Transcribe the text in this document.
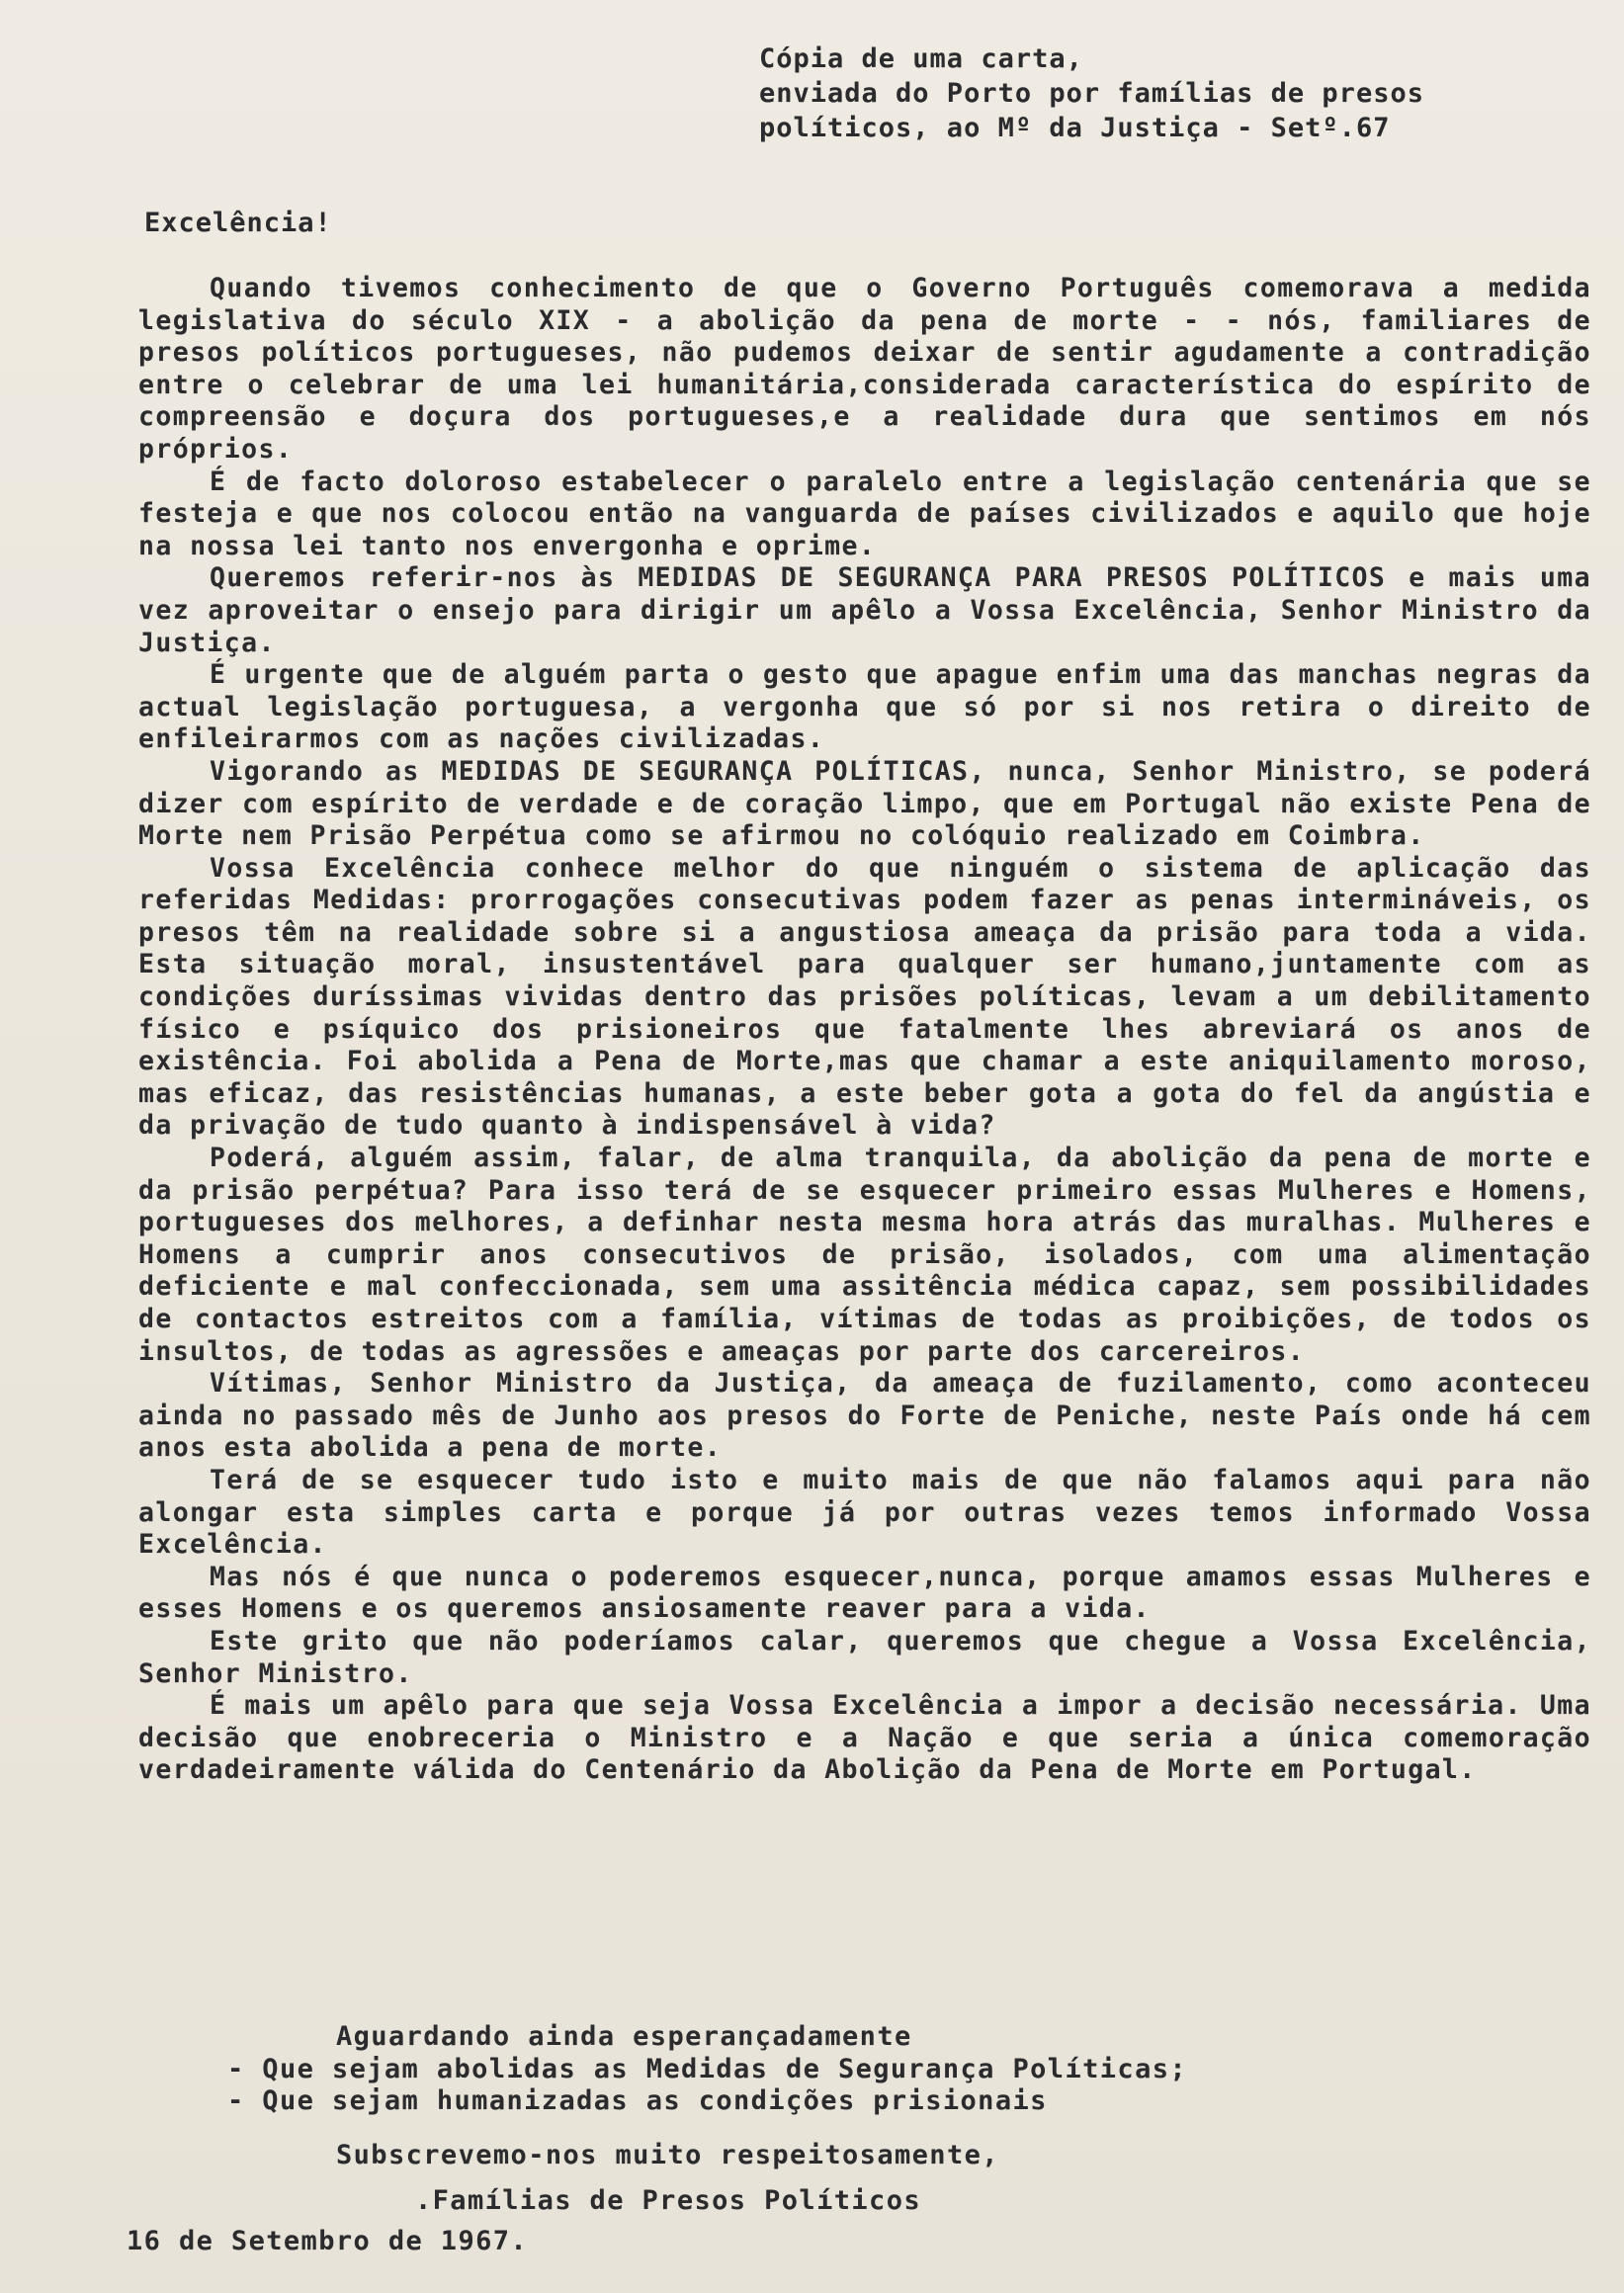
Cópia de uma carta,
enviada do Porto por famílias de presos
políticos, ao Mº da Justiça - Setº.67
Excelência!

Quando tivemos conhecimento de que o Governo Português comemorava a medida legislativa do século XIX - a abolição da pena de morte - - nós, familiares de presos políticos portugueses, não pudemos deixar de sentir agudamente a contradição entre o celebrar de uma lei humanitária,considerada característica do espírito de compreensão e doçura dos portugueses,e a realidade dura que sentimos em nós próprios.

É de facto doloroso estabelecer o paralelo entre a legislação centenária que se festeja e que nos colocou então na vanguarda de países civilizados e aquilo que hoje na nossa lei tanto nos envergonha e oprime.

Queremos referir-nos às MEDIDAS DE SEGURANÇA PARA PRESOS POLÍTICOS e mais uma vez aproveitar o ensejo para dirigir um apêlo a Vossa Excelência, Senhor Ministro da Justiça.

É urgente que de alguém parta o gesto que apague enfim uma das manchas negras da actual legislação portuguesa, a vergonha que só por si nos retira o direito de enfileirarmos com as nações civilizadas.

Vigorando as MEDIDAS DE SEGURANÇA POLÍTICAS, nunca, Senhor Ministro, se poderá dizer com espírito de verdade e de coração limpo, que em Portugal não existe Pena de Morte nem Prisão Perpétua como se afirmou no colóquio realizado em Coimbra.

Vossa Excelência conhece melhor do que ninguém o sistema de aplicação das referidas Medidas: prorrogações consecutivas podem fazer as penas intermináveis, os presos têm na realidade sobre si a angustiosa ameaça da prisão para toda a vida. Esta situação moral, insustentável para qualquer ser humano,juntamente com as condições duríssimas vividas dentro das prisões políticas, levam a um debilitamento físico e psíquico dos prisioneiros que fatalmente lhes abreviará os anos de existência. Foi abolida a Pena de Morte,mas que chamar a este aniquilamento moroso, mas eficaz, das resistências humanas, a este beber gota a gota do fel da angústia e da privação de tudo quanto à indispensável à vida?

Poderá, alguém assim, falar, de alma tranquila, da abolição da pena de morte e da prisão perpétua? Para isso terá de se esquecer primeiro essas Mulheres e Homens, portugueses dos melhores, a definhar nesta mesma hora atrás das muralhas. Mulheres e Homens a cumprir anos consecutivos de prisão, isolados, com uma alimentação deficiente e mal confeccionada, sem uma assitência médica capaz, sem possibilidades de contactos estreitos com a família, vítimas de todas as proibições, de todos os insultos, de todas as agressões e ameaças por parte dos carcereiros.

Vítimas, Senhor Ministro da Justiça, da ameaça de fuzilamento, como aconteceu ainda no passado mês de Junho aos presos do Forte de Peniche, neste País onde há cem anos esta abolida a pena de morte.

Terá de se esquecer tudo isto e muito mais de que não falamos aqui para não alongar esta simples carta e porque já por outras vezes temos informado Vossa Excelência.

Mas nós é que nunca o poderemos esquecer,nunca, porque amamos essas Mulheres e esses Homens e os queremos ansiosamente reaver para a vida.

Este grito que não poderíamos calar, queremos que chegue a Vossa Excelência, Senhor Ministro.

É mais um apêlo para que seja Vossa Excelência a impor a decisão necessária. Uma decisão que enobreceria o Ministro e a Nação e que seria a única comemoração verdadeiramente válida do Centenário da Abolição da Pena de Morte em Portugal.

Aguardando ainda esperançadamente
- Que sejam abolidas as Medidas de Segurança Políticas;
- Que sejam humanizadas as condições prisionais
Subscrevemo-nos muito respeitosamente,
.Famílias de Presos Políticos
16 de Setembro de 1967.
